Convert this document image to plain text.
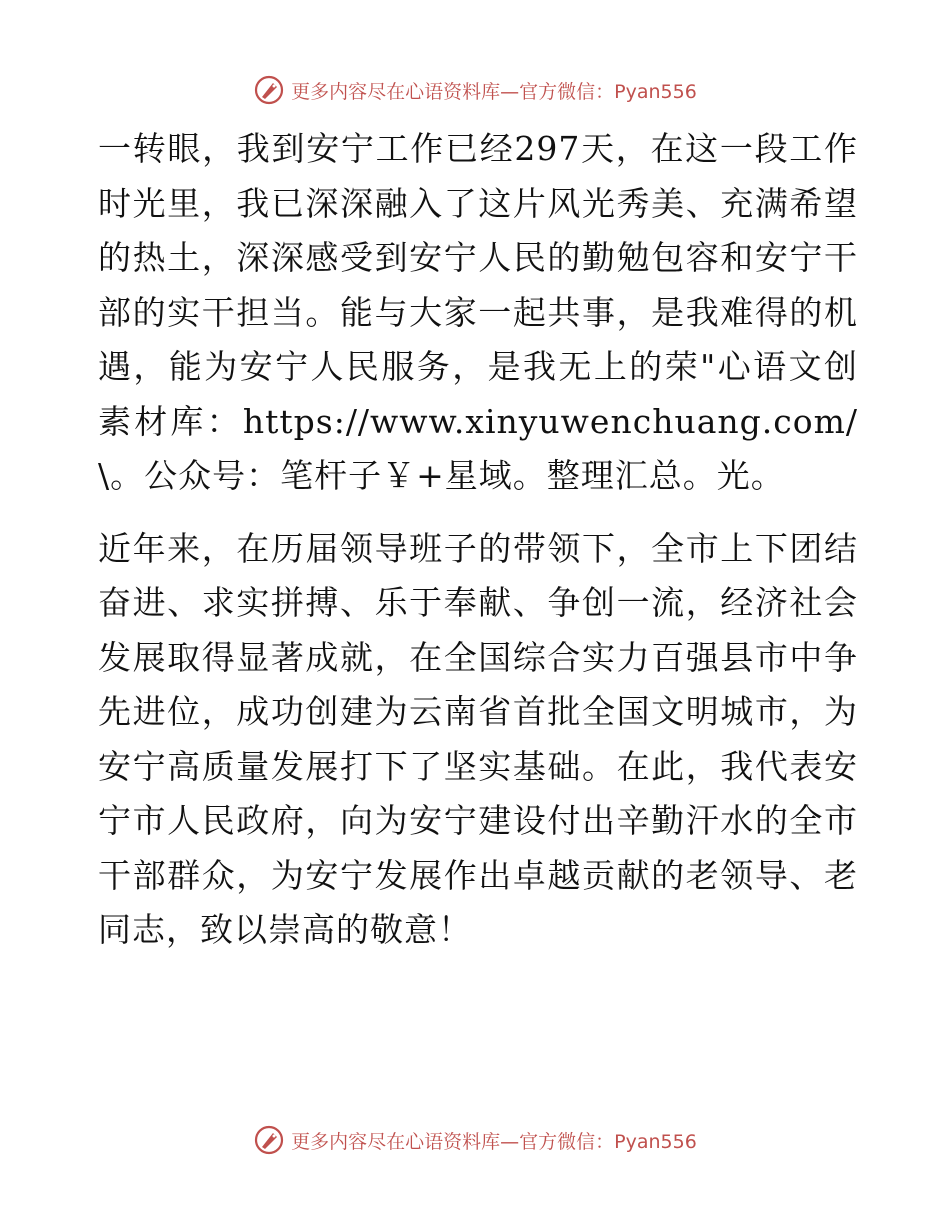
更多内容尽在心语资料库—官方微信：Pyan556

一转眼，我到安宁工作已经297天，在这一段工作时光里，我已深深融入了这片风光秀美、充满希望的热土，深深感受到安宁人民的勤勉包容和安宁干部的实干担当。能与大家一起共事，是我难得的机遇，能为安宁人民服务，是我无上的荣"心语文创素材库：https://www.xinyuwenchuang.com/\。公众号：笔杆子￥+星域。整理汇总。光。

近年来，在历届领导班子的带领下，全市上下团结奋进、求实拼搏、乐于奉献、争创一流，经济社会发展取得显著成就，在全国综合实力百强县市中争先进位，成功创建为云南省首批全国文明城市，为安宁高质量发展打下了坚实基础。在此，我代表安宁市人民政府，向为安宁建设付出辛勤汗水的全市干部群众，为安宁发展作出卓越贡献的老领导、老同志，致以崇高的敬意！

更多内容尽在心语资料库—官方微信：Pyan556
